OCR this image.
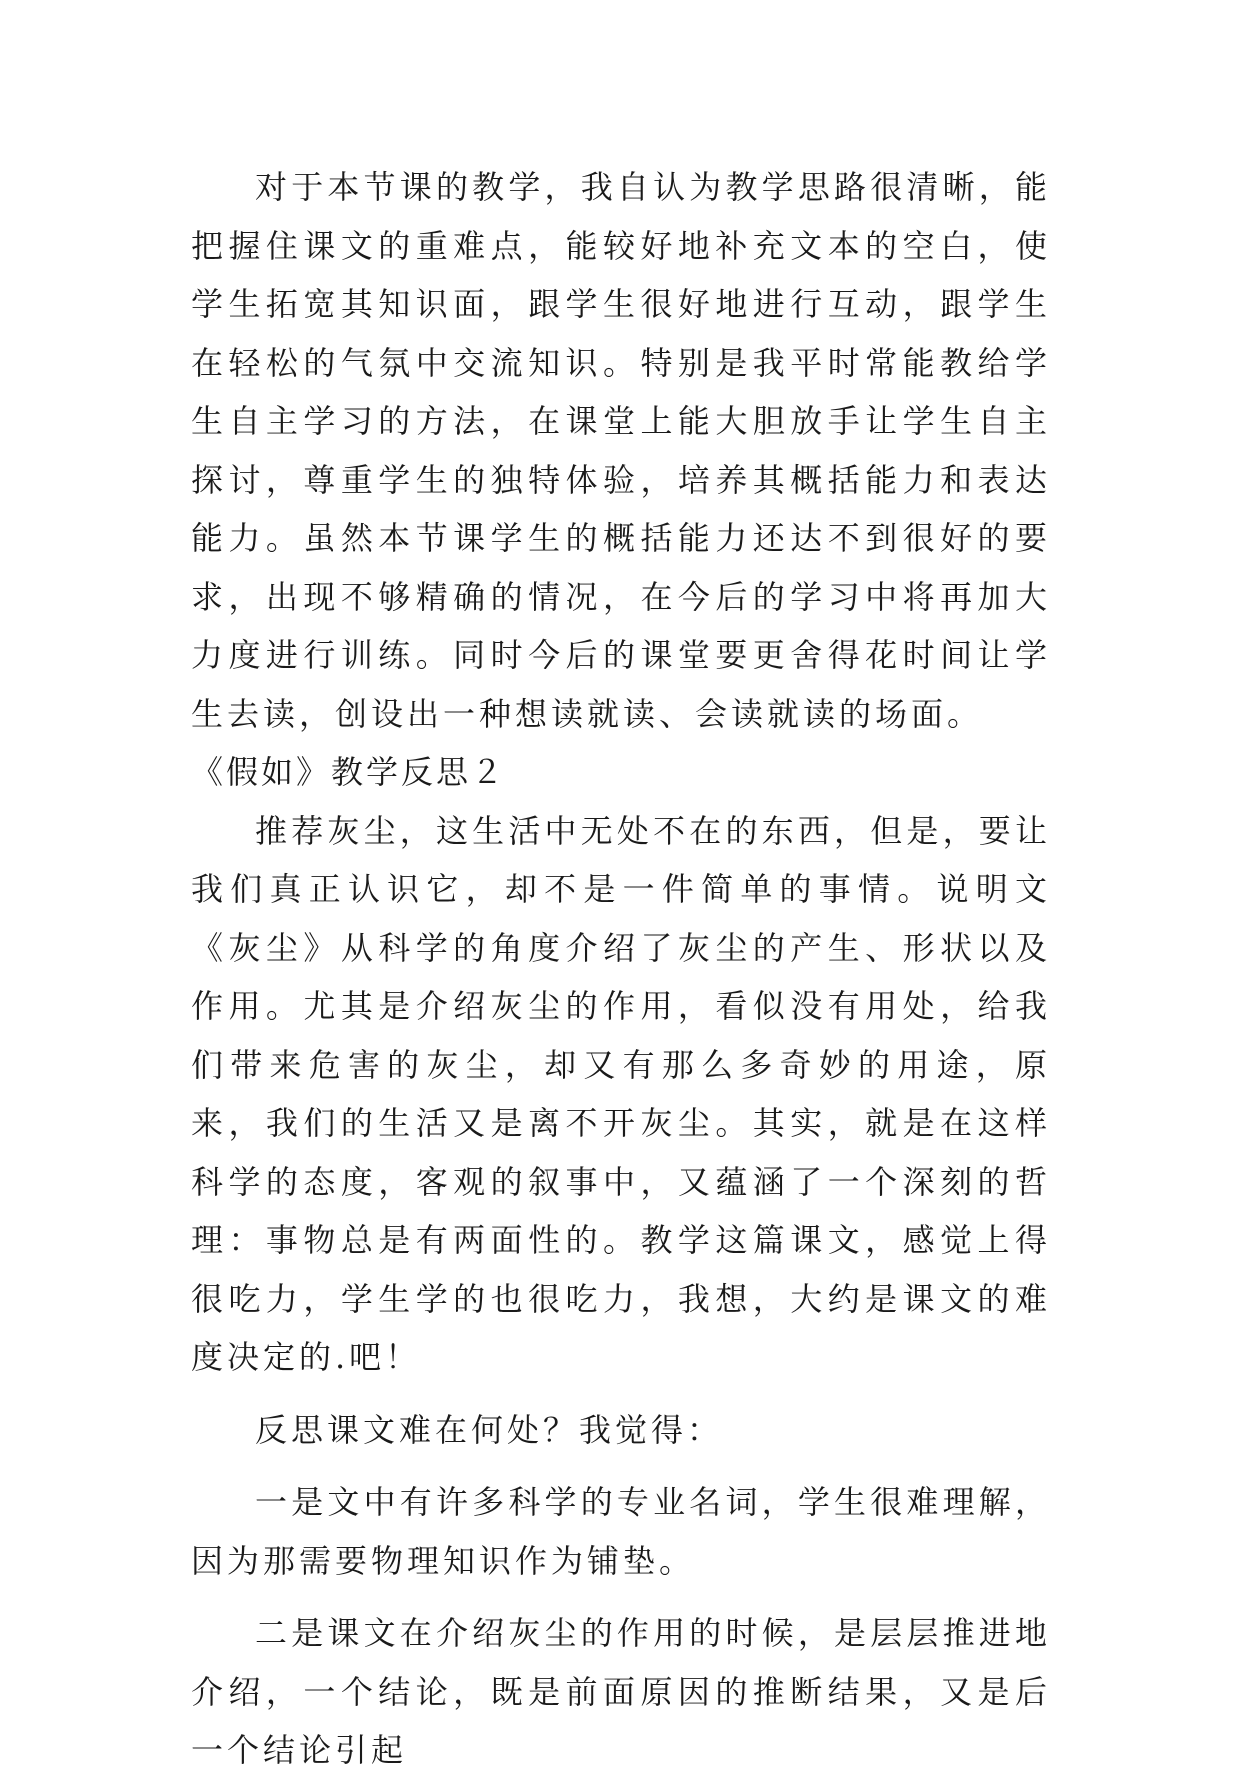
对于本节课的教学，我自认为教学思路很清晰，能把握住课文的重难点，能较好地补充文本的空白，使学生拓宽其知识面，跟学生很好地进行互动，跟学生在轻松的气氛中交流知识。特别是我平时常能教给学生自主学习的方法，在课堂上能大胆放手让学生自主探讨，尊重学生的独特体验，培养其概括能力和表达能力。虽然本节课学生的概括能力还达不到很好的要求，出现不够精确的情况，在今后的学习中将再加大力度进行训练。同时今后的课堂要更舍得花时间让学生去读，创设出一种想读就读、会读就读的场面。

《假如》教学反思２

推荐灰尘，这生活中无处不在的东西，但是，要让我们真正认识它，却不是一件简单的事情。说明文《灰尘》从科学的角度介绍了灰尘的产生、形状以及作用。尤其是介绍灰尘的作用，看似没有用处，给我们带来危害的灰尘，却又有那么多奇妙的用途，原来，我们的生活又是离不开灰尘。其实，就是在这样科学的态度，客观的叙事中，又蕴涵了一个深刻的哲理：事物总是有两面性的。教学这篇课文，感觉上得很吃力，学生学的也很吃力，我想，大约是课文的难度决定的.吧！

反思课文难在何处？我觉得：

一是文中有许多科学的专业名词，学生很难理解，因为那需要物理知识作为铺垫。

二是课文在介绍灰尘的作用的时候，是层层推进地介绍，一个结论，既是前面原因的推断结果，又是后一个结论引起
